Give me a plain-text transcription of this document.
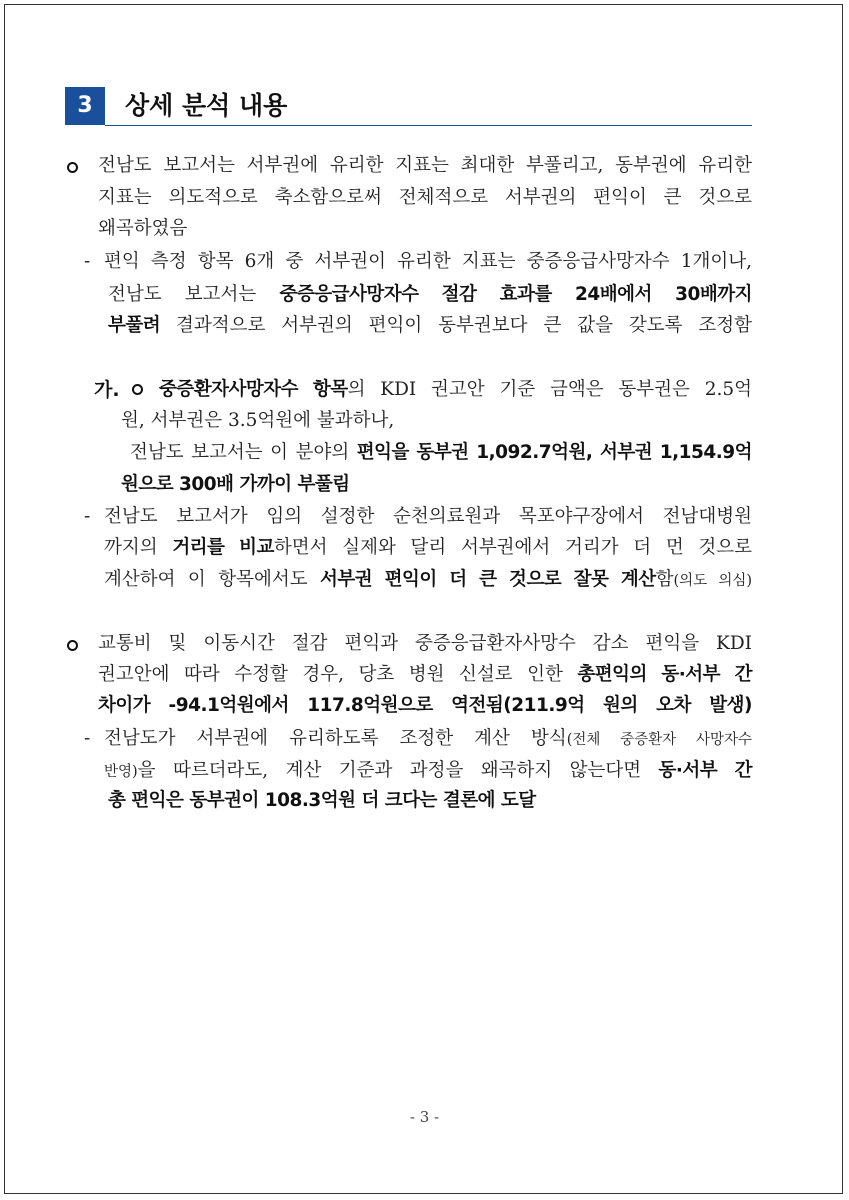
3	상세 분석 내용
전남도 보고서는 서부권에 유리한 지표는 최대한 부풀리고, 동부권에 유리한
지표는 의도적으로 축소함으로써 전체적으로 서부권의 편익이 큰 것으로
왜곡하였음
- 편익 측정 항목 6개 중 서부권이 유리한 지표는 중증응급사망자수 1개이나,
전남도 보고서는 중증응급사망자수 절감 효과를 24배에서 30배까지
부풀려 결과적으로 서부권의 편익이 동부권보다 큰 값을 갖도록 조정함
가. 중증환자사망자수 항목의 KDI 권고안 기준 금액은 동부권은 2.5억
원, 서부권은 3.5억원에 불과하나,
전남도 보고서는 이 분야의 편익을 동부권 1,092.7억원, 서부권 1,154.9억
원으로 300배 가까이 부풀림
- 전남도 보고서가 임의 설정한 순천의료원과 목포야구장에서 전남대병원
까지의 거리를 비교하면서 실제와 달리 서부권에서 거리가 더 먼 것으로
계산하여 이 항목에서도 서부권 편익이 더 큰 것으로 잘못 계산함(의도 의심)
교통비 및 이동시간 절감 편익과 중증응급환자사망수 감소 편익을 KDI
권고안에 따라 수정할 경우, 당초 병원 신설로 인한 총편익의 동·서부 간
차이가 -94.1억원에서 117.8억원으로 역전됨(211.9억 원의 오차 발생)
- 전남도가 서부권에 유리하도록 조정한 계산 방식(전체 중증환자 사망자수
반영)을 따르더라도, 계산 기준과 과정을 왜곡하지 않는다면 동·서부 간
총 편익은 동부권이 108.3억원 더 크다는 결론에 도달
- 3 -
